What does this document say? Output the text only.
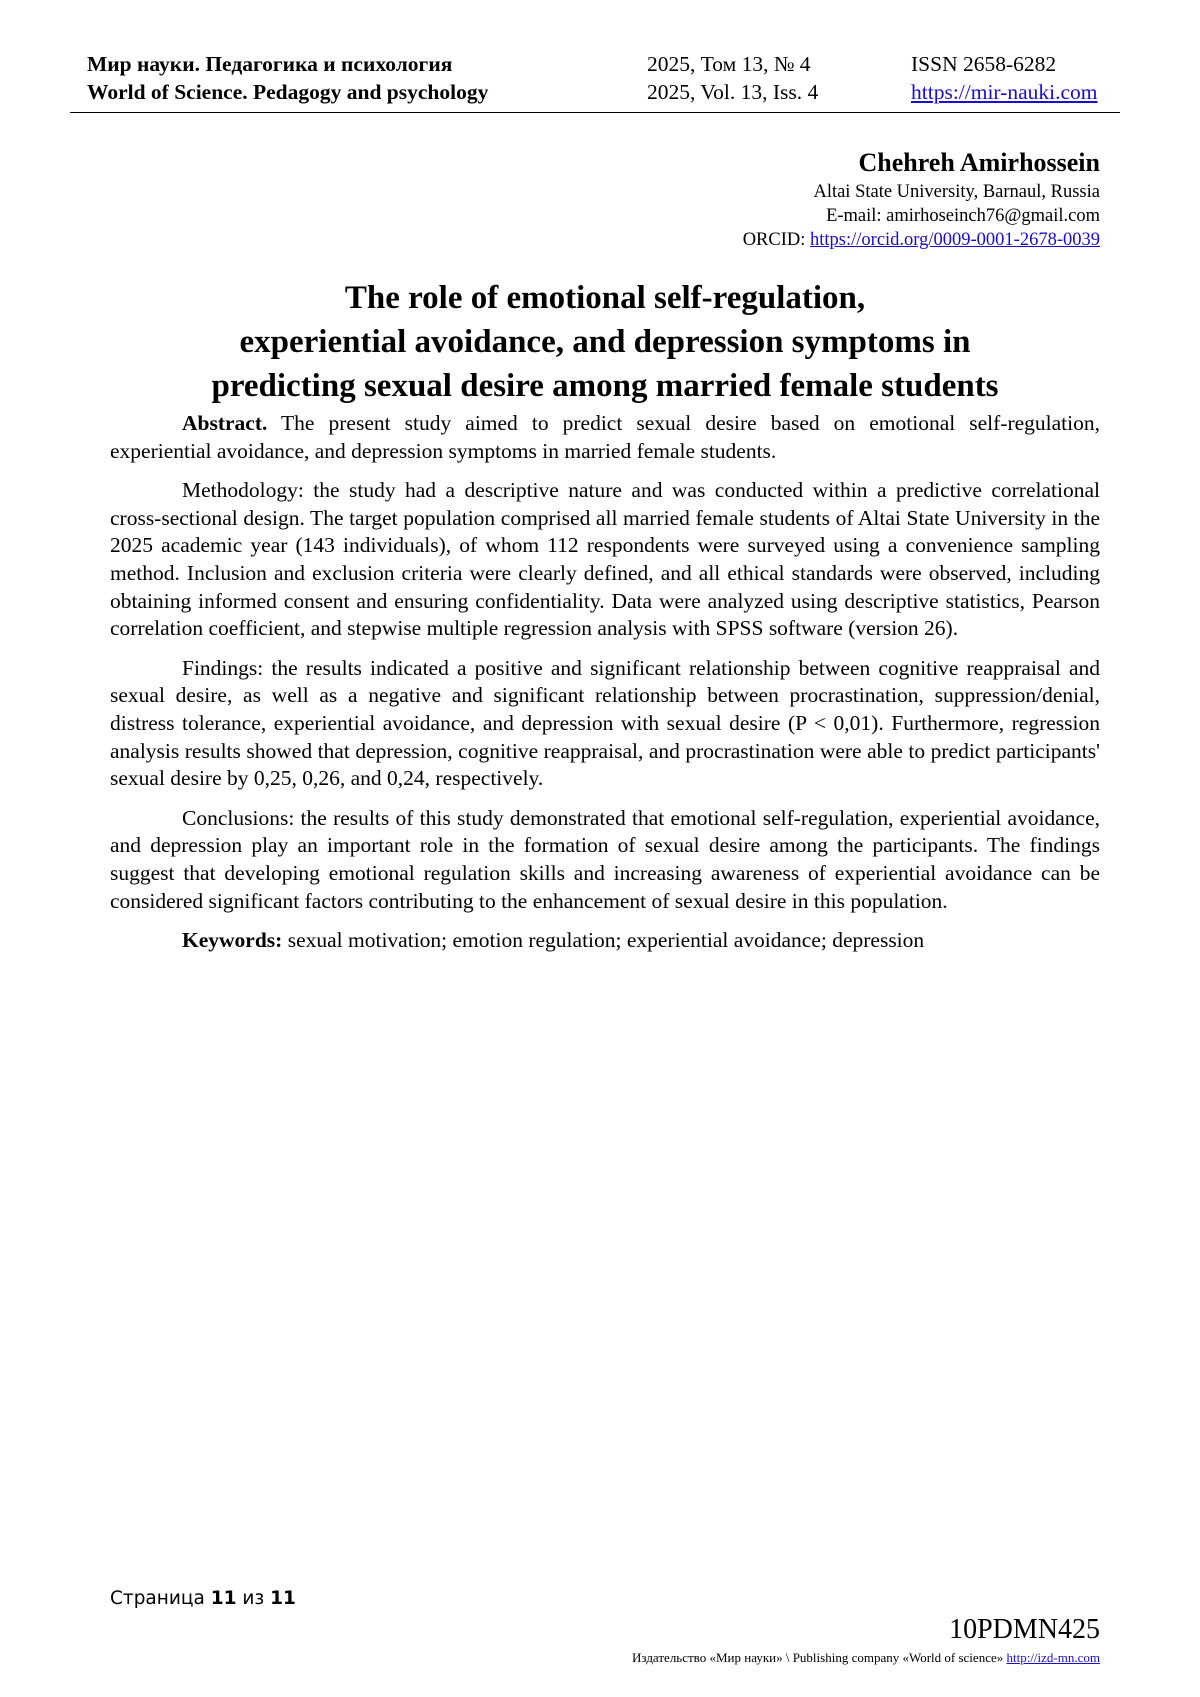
Мир науки. Педагогика и психология	2025, Том 13, № 4	ISSN 2658-6282
World of Science. Pedagogy and psychology	2025, Vol. 13, Iss. 4	https://mir-nauki.com
Chehreh Amirhossein
Altai State University, Barnaul, Russia
E-mail: amirhoseinch76@gmail.com
ORCID: https://orcid.org/0009-0001-2678-0039
The role of emotional self-regulation,
experiential avoidance, and depression symptoms in
predicting sexual desire among married female students

Abstract. The present study aimed to predict sexual desire based on emotional self-regulation, experiential avoidance, and depression symptoms in married female students.

Methodology: the study had a descriptive nature and was conducted within a predictive correlational cross-sectional design. The target population comprised all married female students of Altai State University in the 2025 academic year (143 individuals), of whom 112 respondents were surveyed using a convenience sampling method. Inclusion and exclusion criteria were clearly defined, and all ethical standards were observed, including obtaining informed consent and ensuring confidentiality. Data were analyzed using descriptive statistics, Pearson correlation coefficient, and stepwise multiple regression analysis with SPSS software (version 26).

Findings: the results indicated a positive and significant relationship between cognitive reappraisal and sexual desire, as well as a negative and significant relationship between procrastination, suppression/denial, distress tolerance, experiential avoidance, and depression with sexual desire (P < 0,01). Furthermore, regression analysis results showed that depression, cognitive reappraisal, and procrastination were able to predict participants' sexual desire by 0,25, 0,26, and 0,24, respectively.

Conclusions: the results of this study demonstrated that emotional self-regulation, experiential avoidance, and depression play an important role in the formation of sexual desire among the participants. The findings suggest that developing emotional regulation skills and increasing awareness of experiential avoidance can be considered significant factors contributing to the enhancement of sexual desire in this population.

Keywords: sexual motivation; emotion regulation; experiential avoidance; depression

Страница 11 из 11
10PDMN425
Издательство «Мир науки» \ Publishing company «World of science» http://izd-mn.com
